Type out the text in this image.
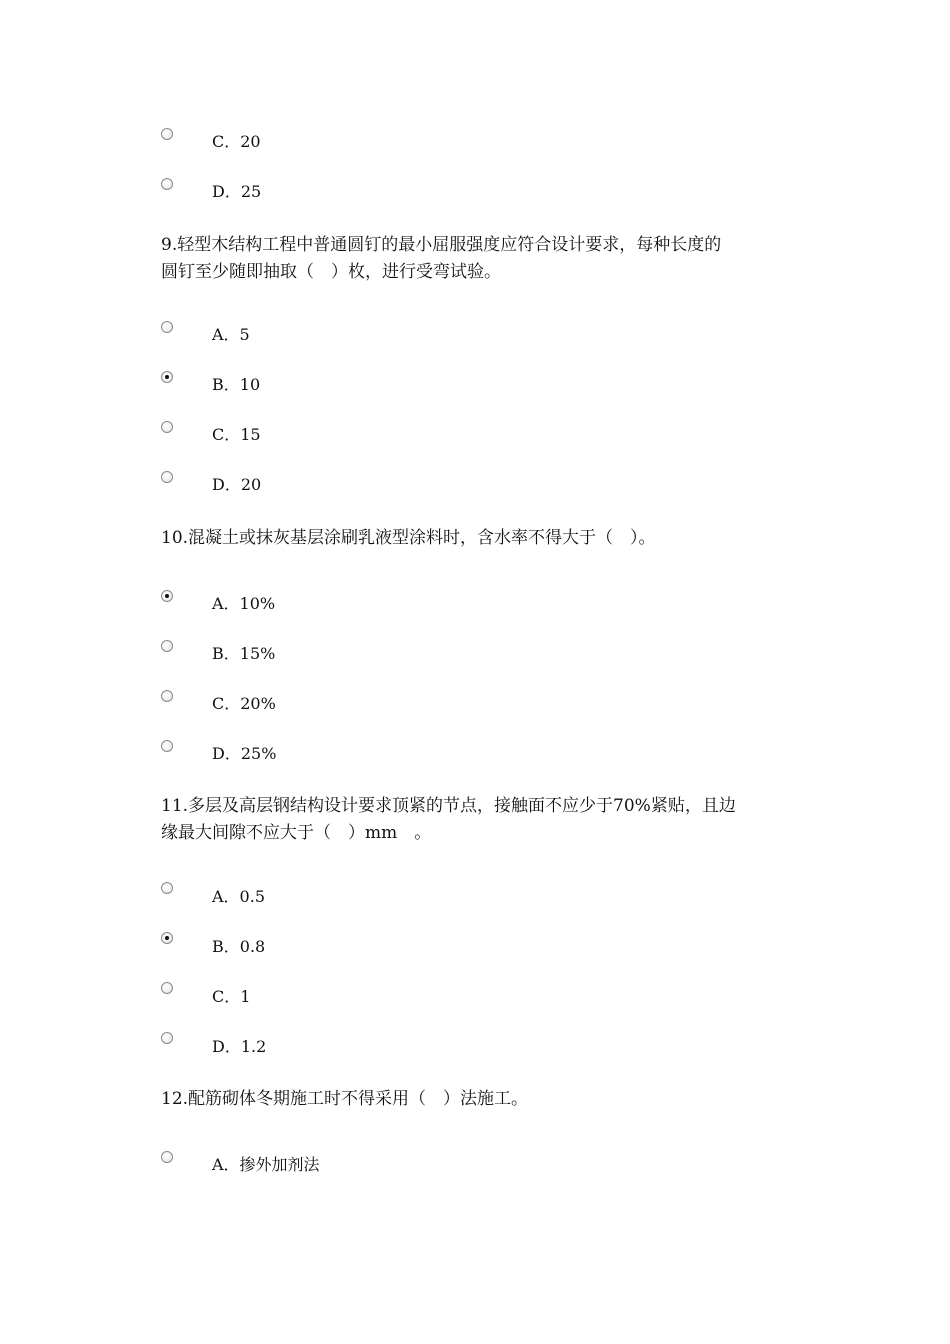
C．20
D．25
9.轻型木结构工程中普通圆钉的最小屈服强度应符合设计要求，每种长度的
圆钉至少随即抽取（　）枚，进行受弯试验。
A．5
B．10
C．15
D．20
10.混凝土或抹灰基层涂刷乳液型涂料时，含水率不得大于（　）。
A．10%
B．15%
C．20%
D．25%
11.多层及高层钢结构设计要求顶紧的节点，接触面不应少于70%紧贴，且边
缘最大间隙不应大于（　）mm　。
A．0.5
B．0.8
C．1
D．1.2
12.配筋砌体冬期施工时不得采用（　）法施工。
A．掺外加剂法
